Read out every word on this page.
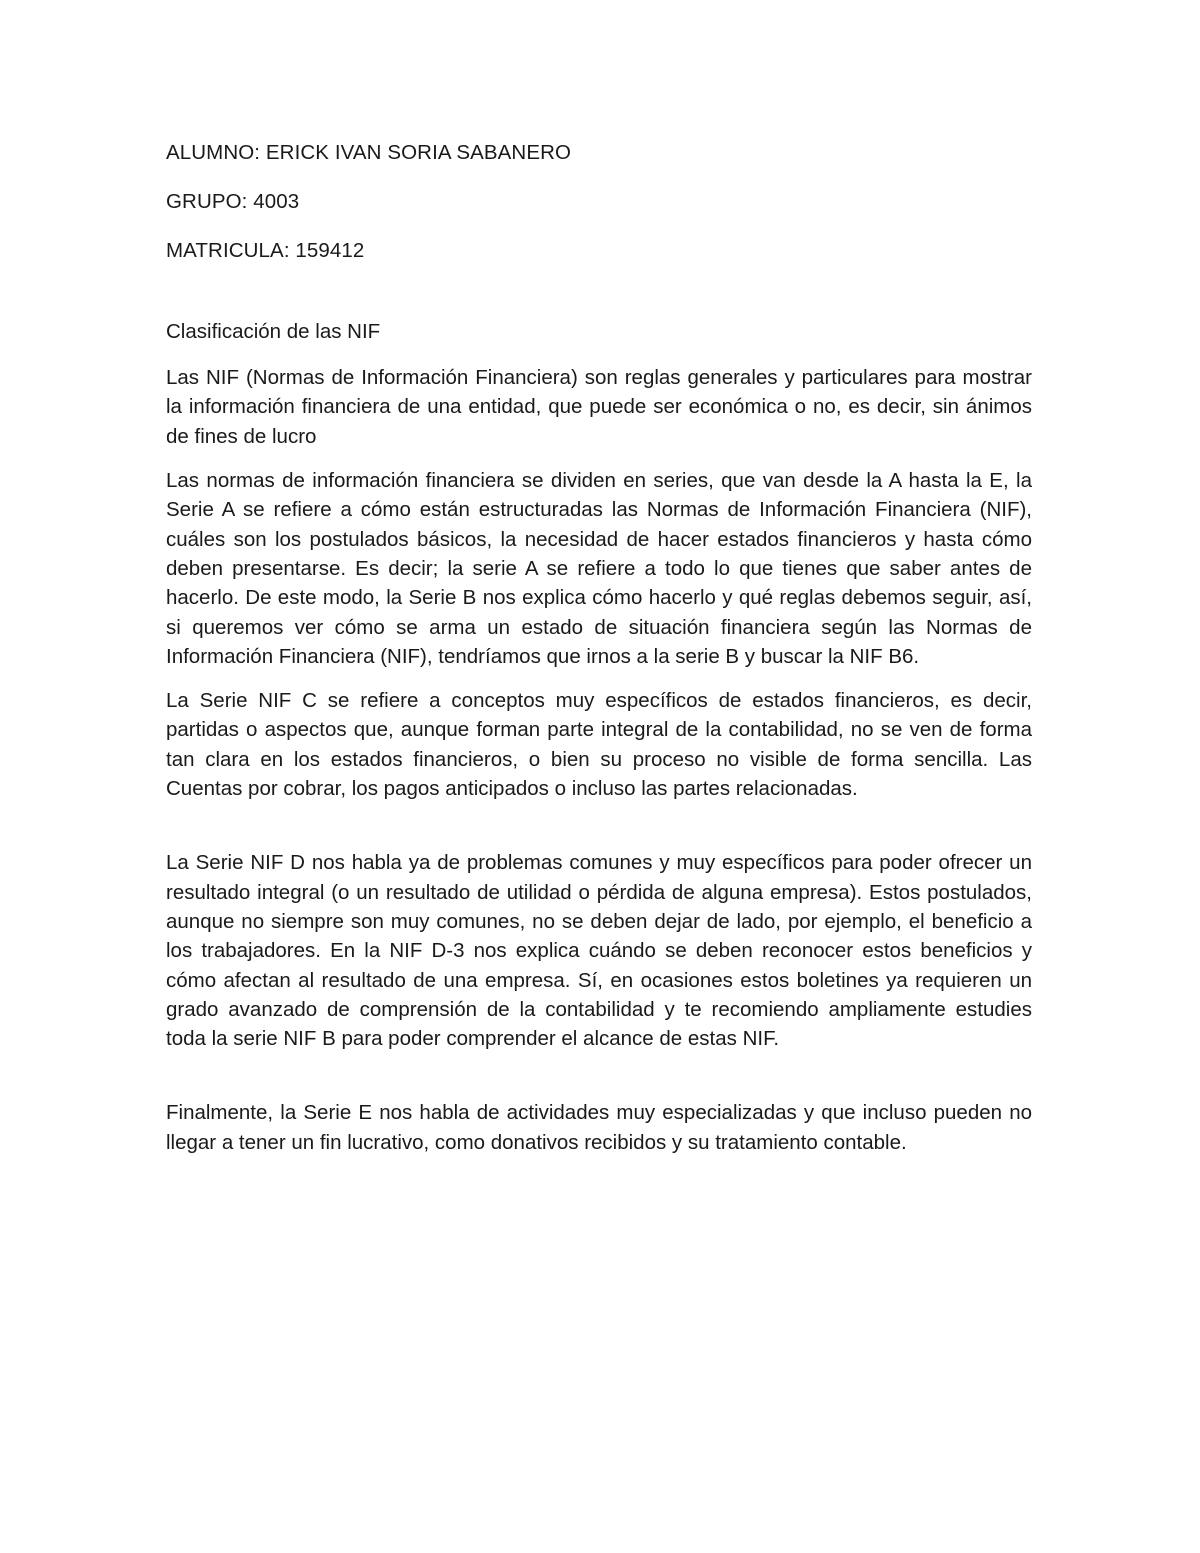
ALUMNO: ERICK IVAN SORIA SABANERO

GRUPO: 4003

MATRICULA: 159412

Clasificación de las NIF

Las NIF (Normas de Información Financiera) son reglas generales y particulares para mostrar la información financiera de una entidad, que puede ser económica o no, es decir, sin ánimos de fines de lucro

Las normas de información financiera se dividen en series, que van desde la A hasta la E, la Serie A se refiere a cómo están estructuradas las Normas de Información Financiera (NIF), cuáles son los postulados básicos, la necesidad de hacer estados financieros y hasta cómo deben presentarse. Es decir; la serie A se refiere a todo lo que tienes que saber antes de hacerlo. De este modo, la Serie B nos explica cómo hacerlo y qué reglas debemos seguir, así, si queremos ver cómo se arma un estado de situación financiera según las Normas de Información Financiera (NIF), tendríamos que irnos a la serie B y buscar la NIF B6.

La Serie NIF C se refiere a conceptos muy específicos de estados financieros, es decir, partidas o aspectos que, aunque forman parte integral de la contabilidad, no se ven de forma tan clara en los estados financieros, o bien su proceso no visible de forma sencilla. Las Cuentas por cobrar, los pagos anticipados o incluso las partes relacionadas.

La Serie NIF D nos habla ya de problemas comunes y muy específicos para poder ofrecer un resultado integral (o un resultado de utilidad o pérdida de alguna empresa). Estos postulados, aunque no siempre son muy comunes, no se deben dejar de lado, por ejemplo, el beneficio a los trabajadores. En la NIF D-3 nos explica cuándo se deben reconocer estos beneficios y cómo afectan al resultado de una empresa. Sí, en ocasiones estos boletines ya requieren un grado avanzado de comprensión de la contabilidad y te recomiendo ampliamente estudies toda la serie NIF B para poder comprender el alcance de estas NIF.

Finalmente, la Serie E nos habla de actividades muy especializadas y que incluso pueden no llegar a tener un fin lucrativo, como donativos recibidos y su tratamiento contable.
